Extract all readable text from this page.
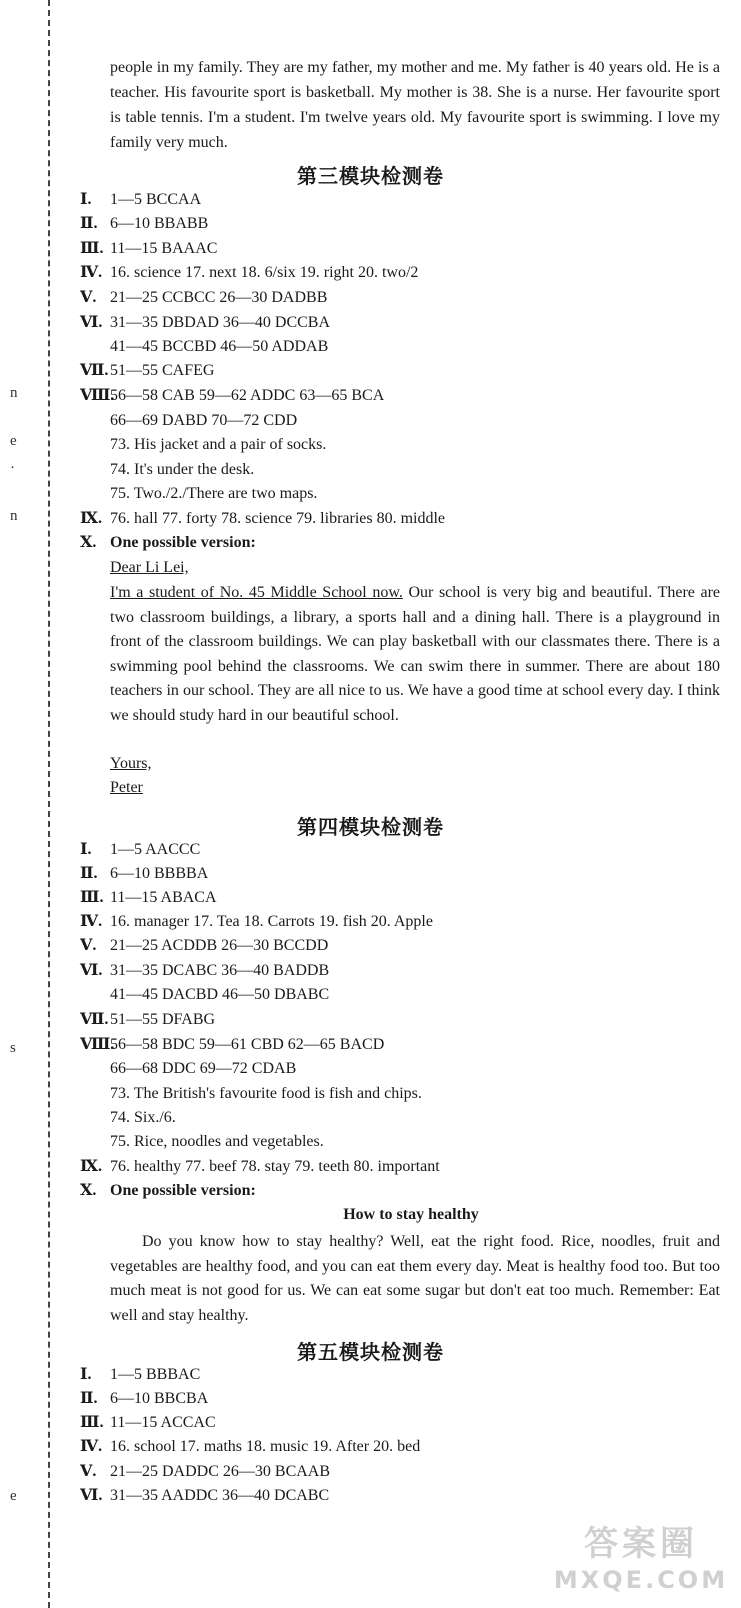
n
e
·
n
s
e
people in my family. They are my father, my mother and me. My father is 40 years old. He is a teacher. His favourite sport is basketball. My mother is 38. She is a nurse. Her favourite sport is table tennis. I'm a student. I'm twelve years old. My favourite sport is swimming. I love my family very much.
第三模块检测卷
Ⅰ. 1—5 BCCAA
Ⅱ. 6—10 BBABB
Ⅲ. 11—15 BAAAC
Ⅳ. 16. science 17. next 18. 6/six 19. right 20. two/2
Ⅴ. 21—25 CCBCC 26—30 DADBB
Ⅵ. 31—35 DBDAD 36—40 DCCBA
41—45 BCCBD 46—50 ADDAB
Ⅶ.51—55 CAFEG
Ⅷ.56—58 CAB 59—62 ADDC 63—65 BCA
66—69 DABD 70—72 CDD
73. His jacket and a pair of socks.
74. It's under the desk.
75. Two./2./There are two maps.
Ⅸ. 76. hall 77. forty 78. science 79. libraries 80. middle
Ⅹ. One possible version:
Dear Li Lei,
I'm a student of No. 45 Middle School now. Our school is very big and beautiful. There are two classroom buildings, a library, a sports hall and a dining hall. There is a playground in front of the classroom buildings. We can play basketball with our classmates there. There is a swimming pool behind the classrooms. We can swim there in summer. There are about 180 teachers in our school. They are all nice to us. We have a good time at school every day. I think we should study hard in our beautiful school.
Yours,
Peter
第四模块检测卷
Ⅰ. 1—5 AACCC
Ⅱ. 6—10 BBBBA
Ⅲ. 11—15 ABACA
Ⅳ. 16. manager 17. Tea 18. Carrots 19. fish 20. Apple
Ⅴ. 21—25 ACDDB 26—30 BCCDD
Ⅵ. 31—35 DCABC 36—40 BADDB
41—45 DACBD 46—50 DBABC
Ⅶ.51—55 DFABG
Ⅷ.56—58 BDC 59—61 CBD 62—65 BACD
66—68 DDC 69—72 CDAB
73. The British's favourite food is fish and chips.
74. Six./6.
75. Rice, noodles and vegetables.
Ⅸ. 76. healthy 77. beef 78. stay 79. teeth 80. important
Ⅹ. One possible version:
How to stay healthy
Do you know how to stay healthy? Well, eat the right food. Rice, noodles, fruit and vegetables are healthy food, and you can eat them every day. Meat is healthy food too. But too much meat is not good for us. We can eat some sugar but don't eat too much. Remember: Eat well and stay healthy.
第五模块检测卷
Ⅰ. 1—5 BBBAC
Ⅱ. 6—10 BBCBA
Ⅲ. 11—15 ACCAC
Ⅳ. 16. school 17. maths 18. music 19. After 20. bed
Ⅴ. 21—25 DADDC 26—30 BCAAB
Ⅵ. 31—35 AADDC 36—40 DCABC
答案圈
MXQE.COM
